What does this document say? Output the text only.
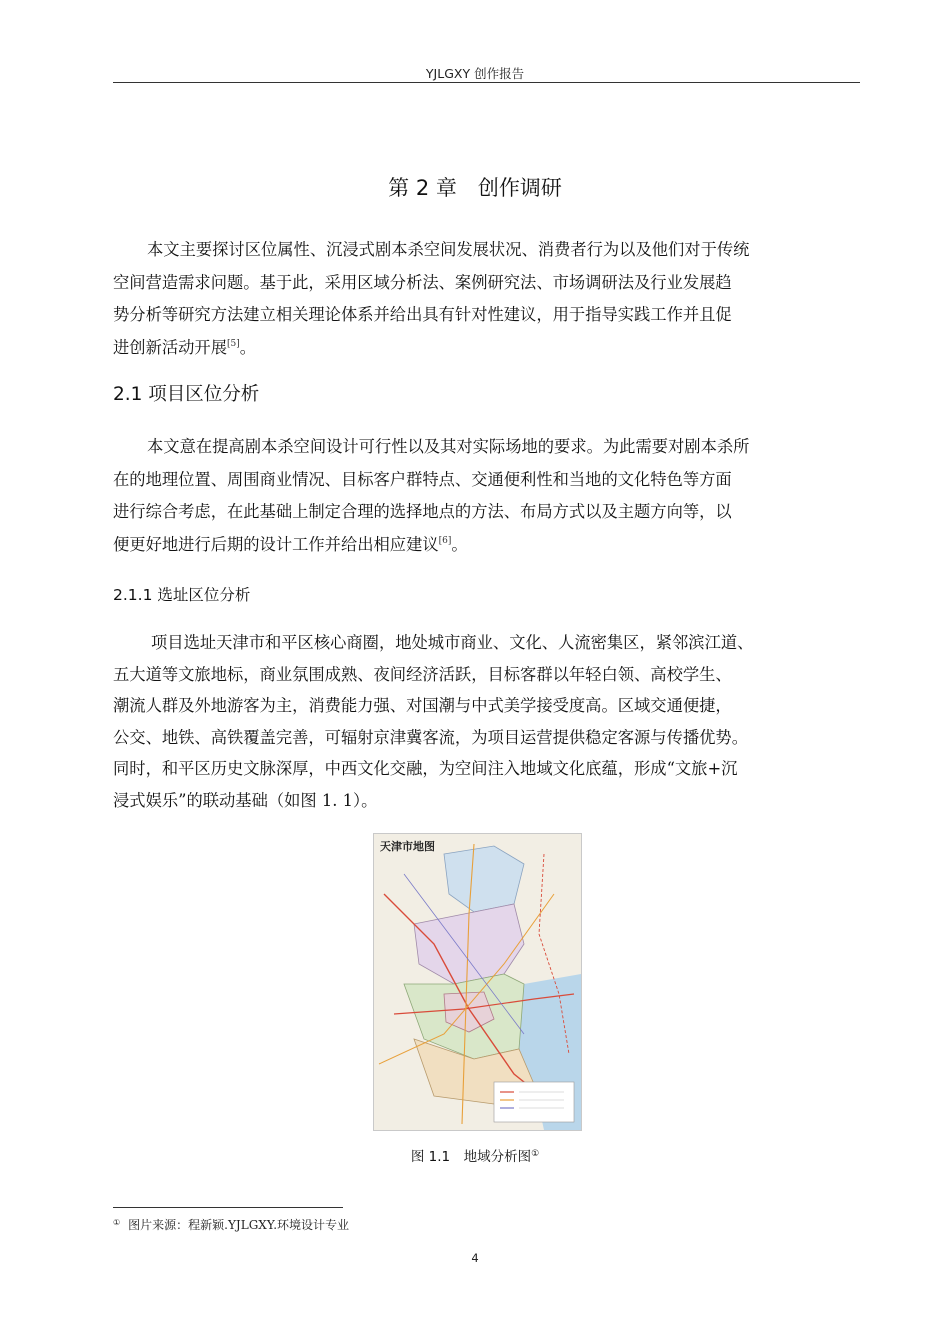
YJLGXY 创作报告
第 2 章　创作调研
本文主要探讨区位属性、沉浸式剧本杀空间发展状况、消费者行为以及他们对于传统
空间营造需求问题。基于此，采用区域分析法、案例研究法、市场调研法及行业发展趋
势分析等研究方法建立相关理论体系并给出具有针对性建议，用于指导实践工作并且促
进创新活动开展[5]。
2.1 项目区位分析
本文意在提高剧本杀空间设计可行性以及其对实际场地的要求。为此需要对剧本杀所
在的地理位置、周围商业情况、目标客户群特点、交通便利性和当地的文化特色等方面
进行综合考虑，在此基础上制定合理的选择地点的方法、布局方式以及主题方向等，以
便更好地进行后期的设计工作并给出相应建议[6]。
2.1.1 选址区位分析
项目选址天津市和平区核心商圈，地处城市商业、文化、人流密集区，紧邻滨江道、
五大道等文旅地标，商业氛围成熟、夜间经济活跃，目标客群以年轻白领、高校学生、
潮流人群及外地游客为主，消费能力强、对国潮与中式美学接受度高。区域交通便捷，
公交、地铁、高铁覆盖完善，可辐射京津冀客流，为项目运营提供稳定客源与传播优势。
同时，和平区历史文脉深厚，中西文化交融，为空间注入地域文化底蕴，形成“文旅+沉
浸式娱乐”的联动基础（如图 1. 1）。
天津市地图
图 1.1　地域分析图①
① 图片来源：程新颖.YJLGXY.环境设计专业
4
